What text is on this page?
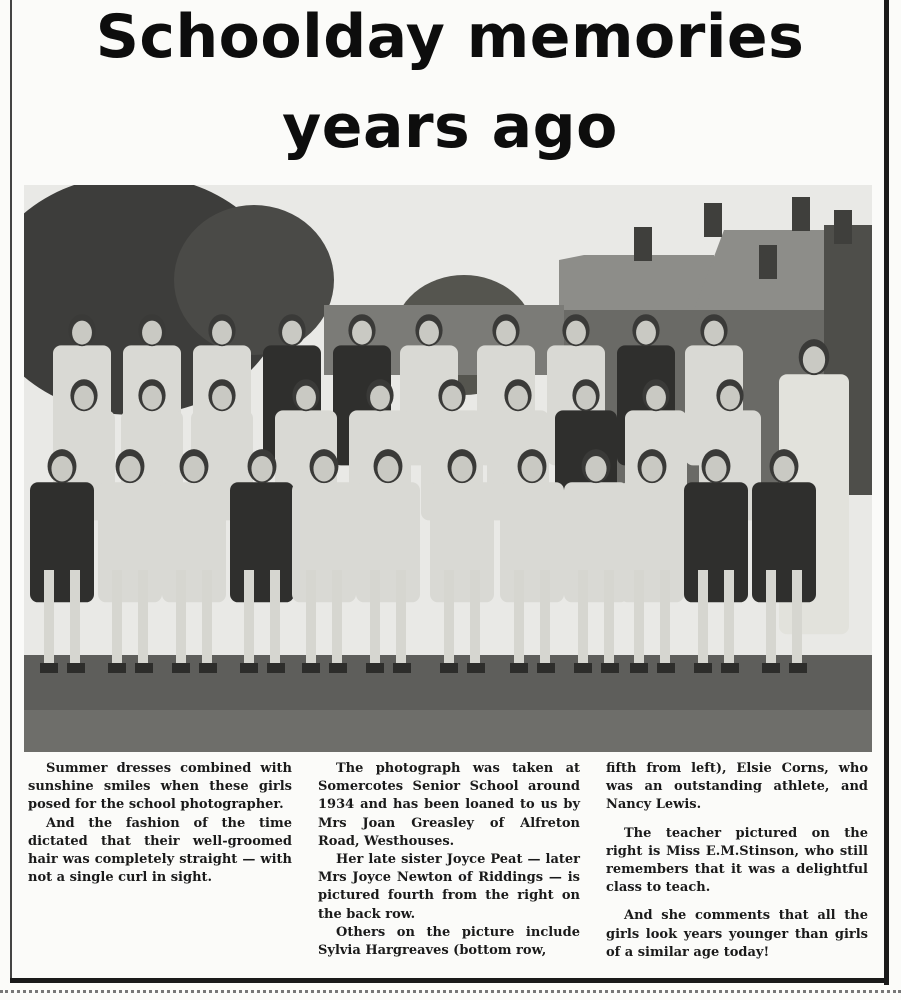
Schoolday memories
years ago

Summer dresses combined with sunshine smiles when these girls posed for the school photographer.

And the fashion of the time dictated that their well-groomed hair was completely straight — with not a single curl in sight.

The photograph was taken at Somercotes Senior School around 1934 and has been loaned to us by Mrs Joan Greasley of Alfreton Road, Westhouses.

Her late sister Joyce Peat — later Mrs Joyce Newton of Riddings — is pictured fourth from the right on the back row.

Others on the picture include Sylvia Hargreaves (bottom row,

fifth from left), Elsie Corns, who was an outstanding athlete, and Nancy Lewis.

The teacher pictured on the right is Miss E.M.Stinson, who still remembers that it was a delightful class to teach.

And she comments that all the girls look years younger than girls of a similar age today!
